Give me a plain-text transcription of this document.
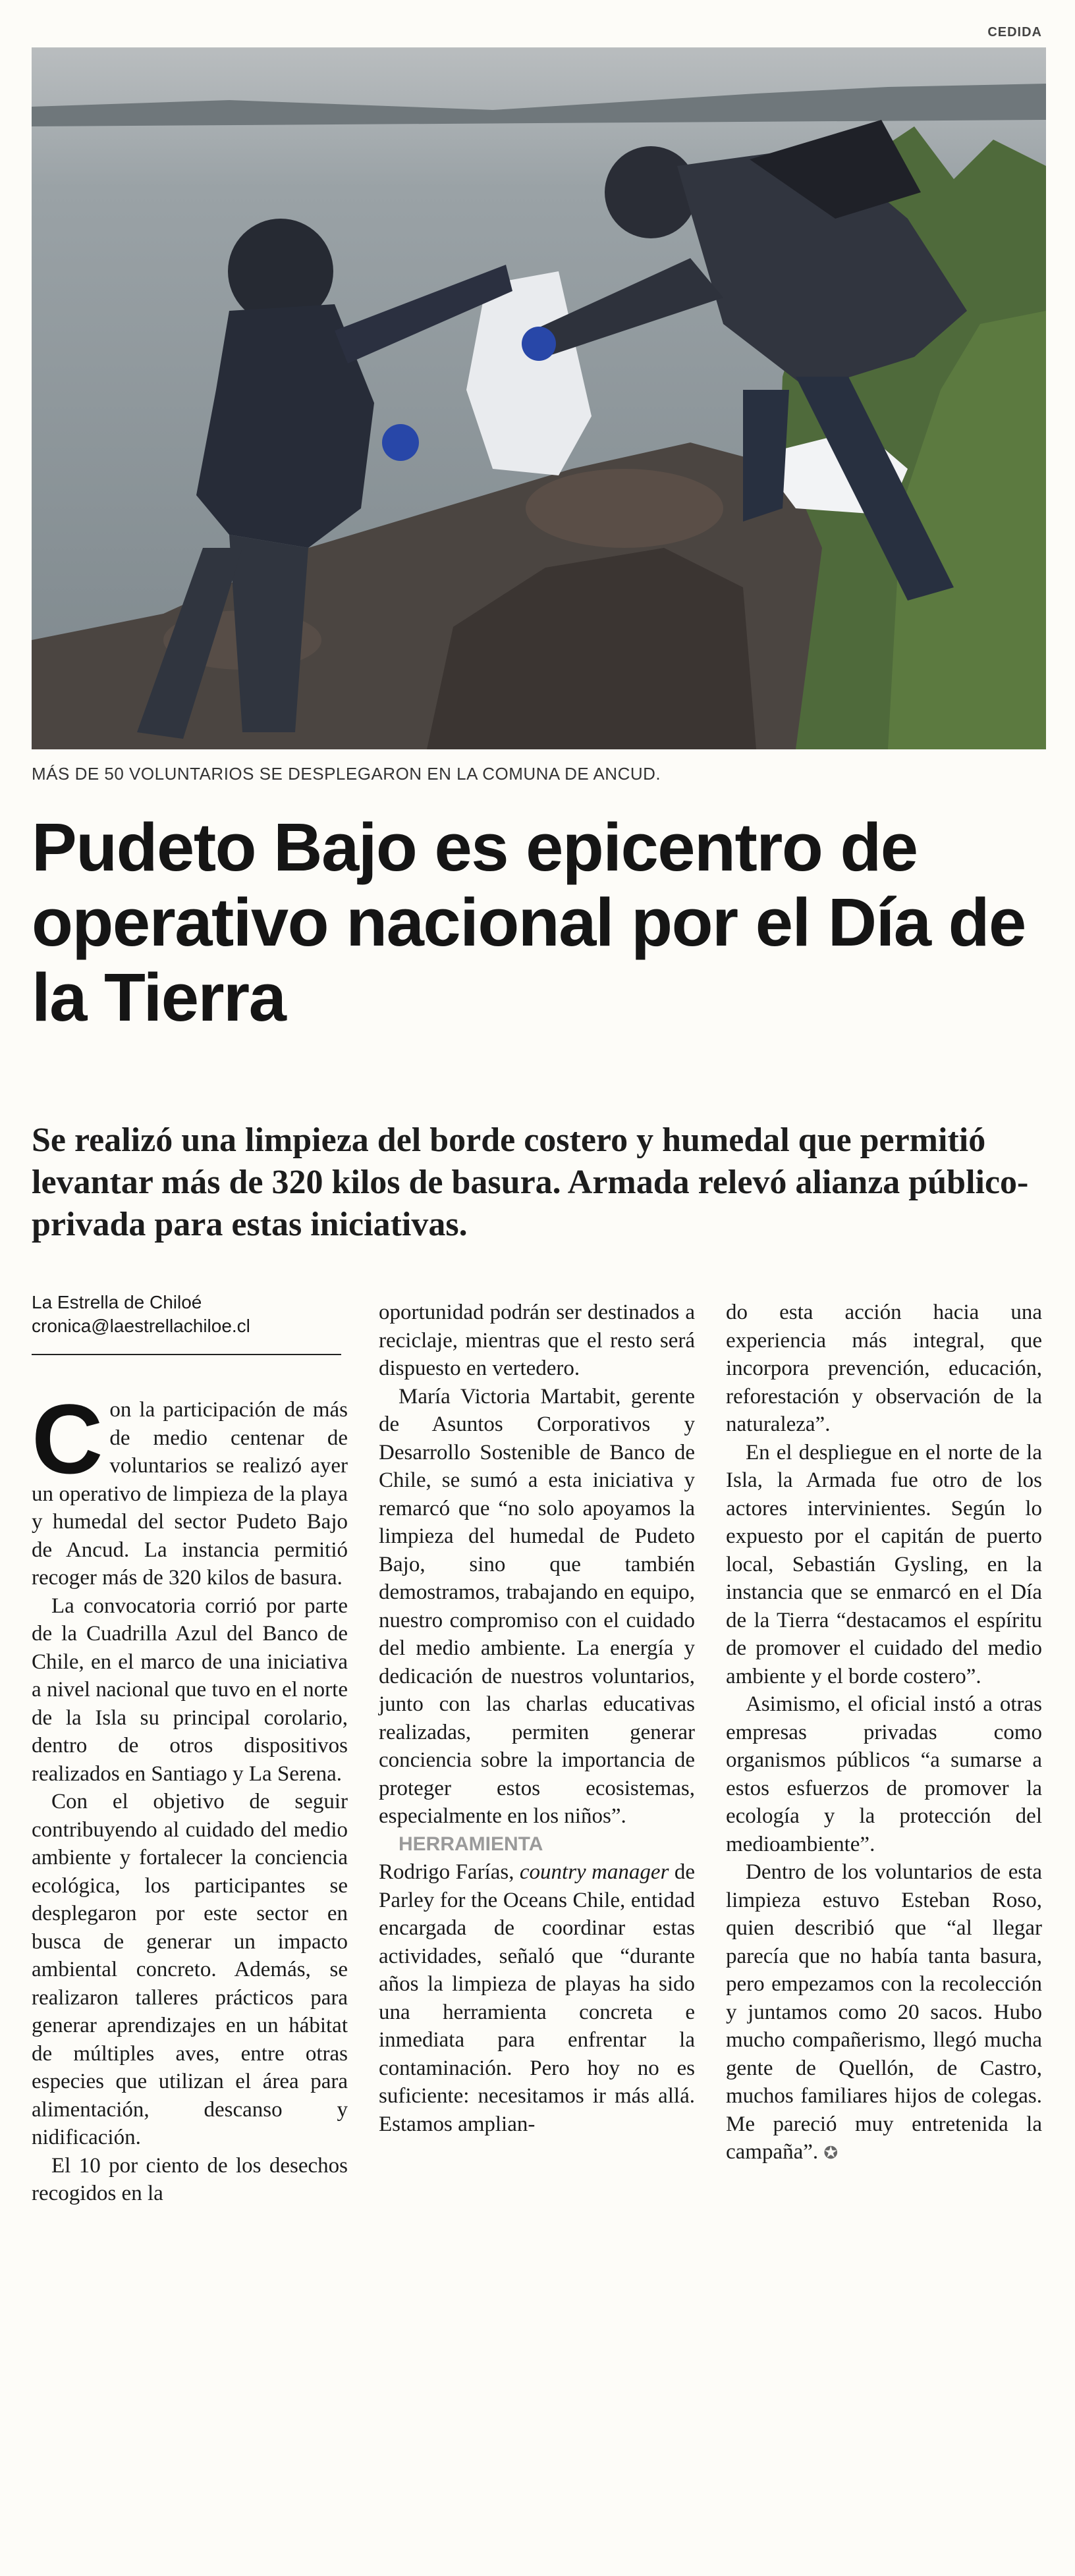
CEDIDA
MÁS DE 50 VOLUNTARIOS SE DESPLEGARON EN LA COMUNA DE ANCUD.
Pudeto Bajo es epicentro de operativo nacional por el Día de la Tierra

Se realizó una limpieza del borde costero y humedal que permitió levantar más de 320 kilos de basura. Armada relevó alianza público-privada para estas iniciativas.

La Estrella de Chiloé
cronica@laestrellachiloe.cl

Con la participación de más de medio centenar de voluntarios se realizó ayer un operativo de limpieza de la playa y humedal del sector Pudeto Bajo de Ancud. La instancia permitió recoger más de 320 kilos de basura.

La convocatoria corrió por parte de la Cuadrilla Azul del Banco de Chile, en el marco de una iniciativa a nivel nacional que tuvo en el norte de la Isla su principal corolario, dentro de otros dispositivos realizados en Santiago y La Serena.

Con el objetivo de seguir contribuyendo al cuidado del medio ambiente y fortalecer la conciencia ecológica, los participantes se desplegaron por este sector en busca de generar un impacto ambiental concreto. Además, se realizaron talleres prácticos para generar aprendizajes en un hábitat de múltiples aves, entre otras especies que utilizan el área para alimentación, descanso y nidificación.

El 10 por ciento de los desechos recogidos en la

oportunidad podrán ser destinados a reciclaje, mientras que el resto será dispuesto en vertedero.

María Victoria Martabit, gerente de Asuntos Corporativos y Desarrollo Sostenible de Banco de Chile, se sumó a esta iniciativa y remarcó que “no solo apoyamos la limpieza del humedal de Pudeto Bajo, sino que también demostramos, trabajando en equipo, nuestro compromiso con el cuidado del medio ambiente. La energía y dedicación de nuestros voluntarios, junto con las charlas educativas realizadas, permiten generar conciencia sobre la importancia de proteger estos ecosistemas, especialmente en los niños”.

HERRAMIENTA

Rodrigo Farías, country manager de Parley for the Oceans Chile, entidad encargada de coordinar estas actividades, señaló que “durante años la limpieza de playas ha sido una herramienta concreta e inmediata para enfrentar la contaminación. Pero hoy no es suficiente: necesitamos ir más allá. Estamos amplian-

do esta acción hacia una experiencia más integral, que incorpora prevención, educación, reforestación y observación de la naturaleza”.

En el despliegue en el norte de la Isla, la Armada fue otro de los actores intervinientes. Según lo expuesto por el capitán de puerto local, Sebastián Gysling, en la instancia que se enmarcó en el Día de la Tierra “destacamos el espíritu de promover el cuidado del medio ambiente y el borde costero”.

Asimismo, el oficial instó a otras empresas privadas como organismos públicos “a sumarse a estos esfuerzos de promover la ecología y la protección del medioambiente”.

Dentro de los voluntarios de esta limpieza estuvo Esteban Roso, quien describió que “al llegar parecía que no había tanta basura, pero empezamos con la recolección y juntamos como 20 sacos. Hubo mucho compañerismo, llegó mucha gente de Quellón, de Castro, muchos familiares hijos de colegas. Me pareció muy entretenida la campaña”. ✪
